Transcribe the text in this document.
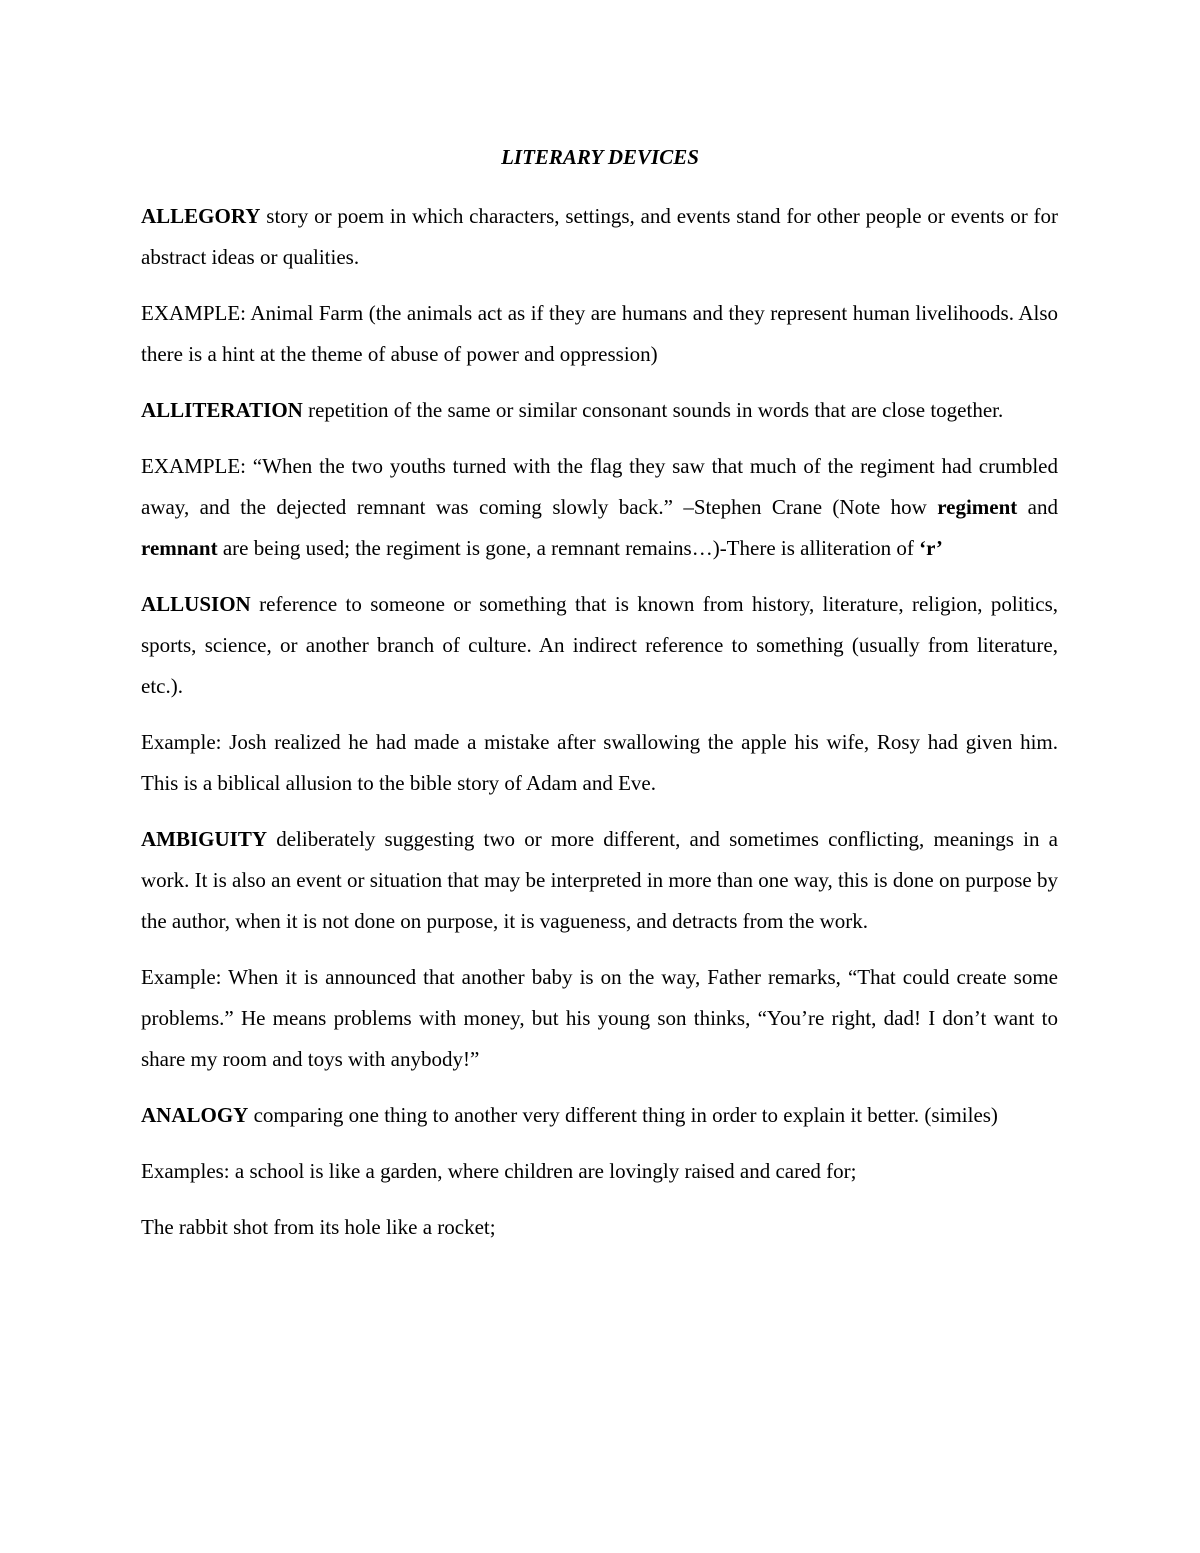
LITERARY DEVICES

ALLEGORY story or poem in which characters, settings, and events stand for other people or events or for abstract ideas or qualities.

EXAMPLE: Animal Farm (the animals act as if they are humans and they represent human livelihoods. Also there is a hint at the theme of abuse of power and oppression)

ALLITERATION repetition of the same or similar consonant sounds in words that are close together.

EXAMPLE: “When the two youths turned with the flag they saw that much of the regiment had crumbled away, and the dejected remnant was coming slowly back.” –Stephen Crane (Note how regiment and remnant are being used; the regiment is gone, a remnant remains…)-There is alliteration of ‘r’

ALLUSION reference to someone or something that is known from history, literature, religion, politics, sports, science, or another branch of culture. An indirect reference to something (usually from literature, etc.).

Example: Josh realized he had made a mistake after swallowing the apple his wife, Rosy had given him. This is a biblical allusion to the bible story of Adam and Eve.

AMBIGUITY deliberately suggesting two or more different, and sometimes conflicting, meanings in a work. It is also an event or situation that may be interpreted in more than one way, this is done on purpose by the author, when it is not done on purpose, it is vagueness, and detracts from the work.

Example: When it is announced that another baby is on the way, Father remarks, “That could create some problems.” He means problems with money, but his young son thinks, “You’re right, dad! I don’t want to share my room and toys with anybody!”

ANALOGY comparing one thing to another very different thing in order to explain it better. (similes)

Examples: a school is like a garden, where children are lovingly raised and cared for;

The rabbit shot from its hole like a rocket;
